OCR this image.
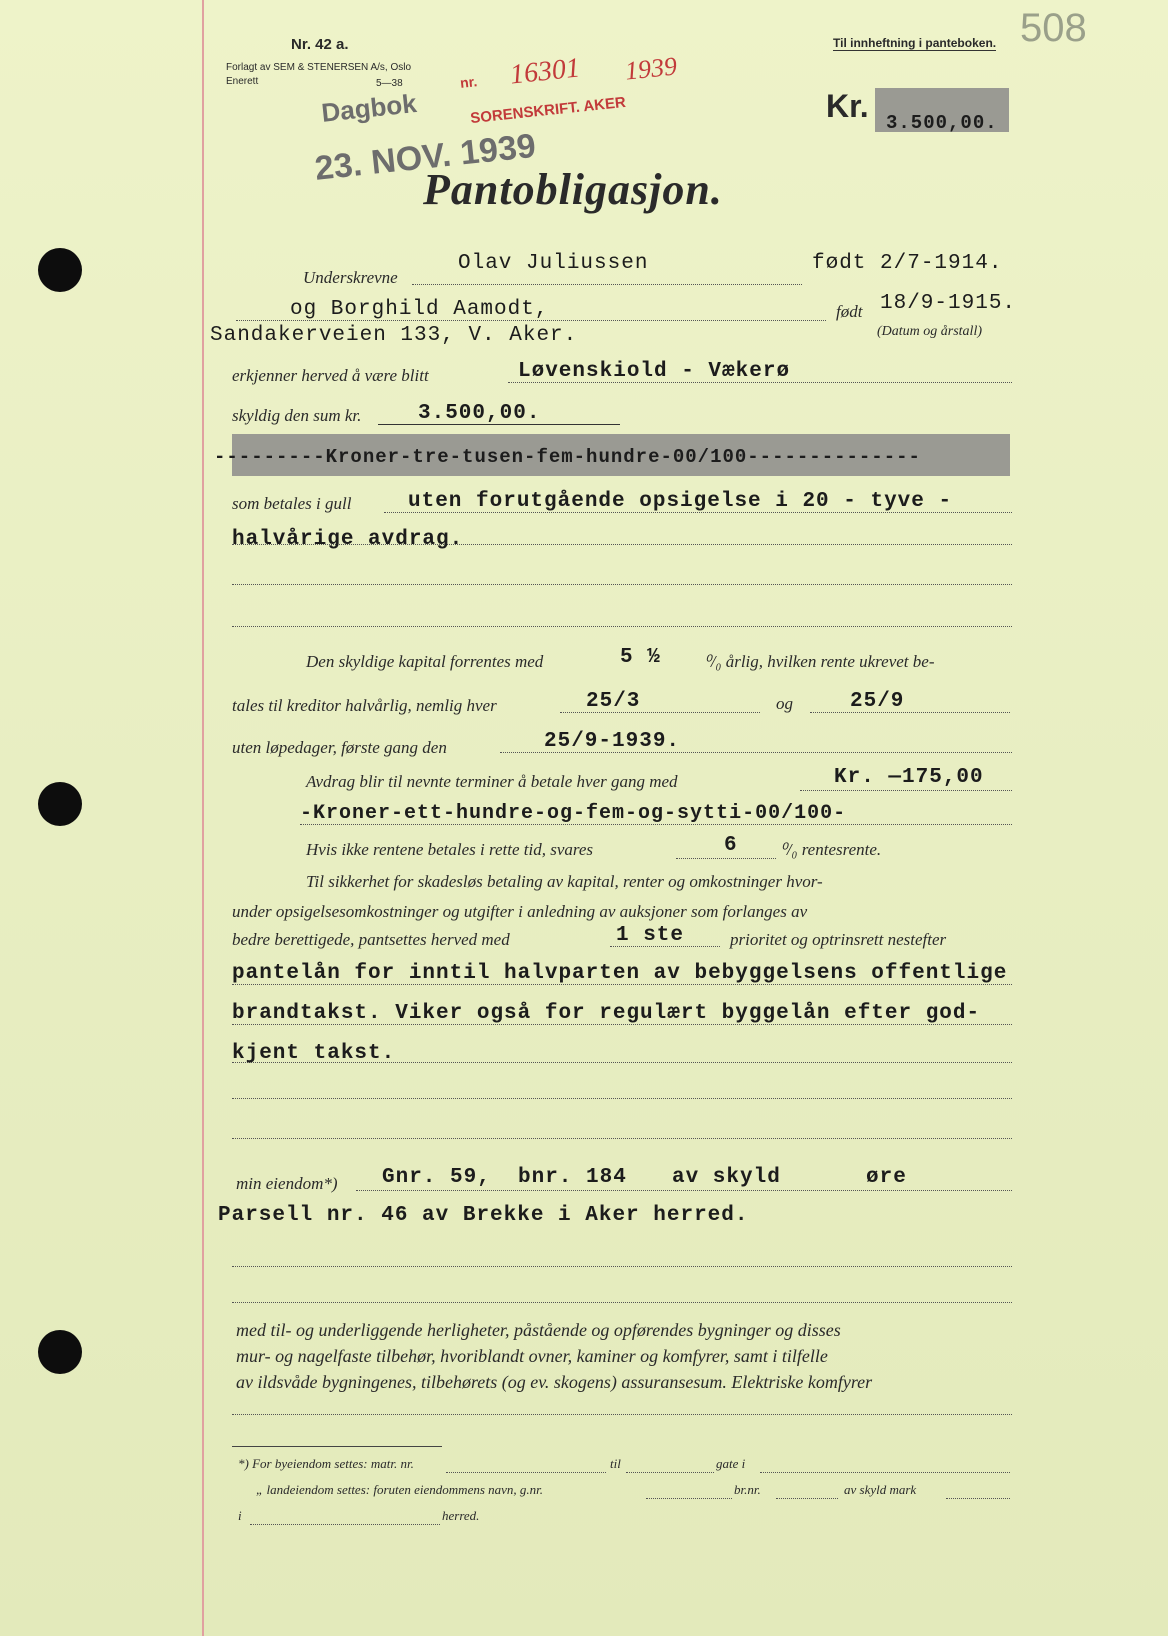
Nr. 42 a.
Forlagt av SEM & STENERSEN A/s, Oslo
Enerett	5—38
Til innheftning i panteboken. 508
Dagbok
nr. 16301 1939
SORENSKRIFT. AKER
23. NOV. 1939
Kr. 3.500,00.
Pantobligasjon.
Underskrevne
Olav Juliussen	født 2/7-1914.
og Borghild Aamodt,	født 18/9-1915.
Sandakerveien 133, V. Aker.	(Datum og årstall)
erkjenner herved å være blitt	Løvenskiold - Vækerø
skyldig den sum kr.	3.500,00.
---------Kroner-tre-tusen-fem-hundre-00/100--------------
som betales i gull	uten forutgående opsigelse i 20 - tyve -
halvårige avdrag.
Den skyldige kapital forrentes med	5 ½	⁰/₀ årlig, hvilken rente ukrevet be-
tales til kreditor halvårlig, nemlig hver	25/3	og	25/9
uten løpedager, første gang den	25/9-1939.
Avdrag blir til nevnte terminer å betale hver gang med	Kr. —175,00
-Kroner-ett-hundre-og-fem-og-sytti-00/100-
Hvis ikke rentene betales i rette tid, svares	6 ⁰/₀ rentesrente.
Til sikkerhet for skadesløs betaling av kapital, renter og omkostninger hvor-
under opsigelsesomkostninger og utgifter i anledning av auksjoner som forlanges av
bedre berettigede, pantsettes herved med	1 ste	prioritet og optrinsrett nestefter
pantelån for inntil halvparten av bebyggelsens offentlige
brandtakst. Viker også for regulært byggelån efter god-
kjent takst.
min eiendom*) Gnr. 59, bnr. 184 av skyld	øre
Parsell nr. 46 av Brekke i Aker herred.
med til- og underliggende herligheter, påstående og opførendes bygninger og disses
mur- og nagelfaste tilbehør, hvoriblandt ovner, kaminer og komfyrer, samt i tilfelle
av ildsvåde bygningenes, tilbehørets (og ev. skogens) assuransesum. Elektriske komfyrer
*) For byeiendom settes: matr. nr.	til	gate i
„ landeiendom settes: foruten eiendommens navn, g.nr.	br.nr.	av skyld mark
i	herred.
